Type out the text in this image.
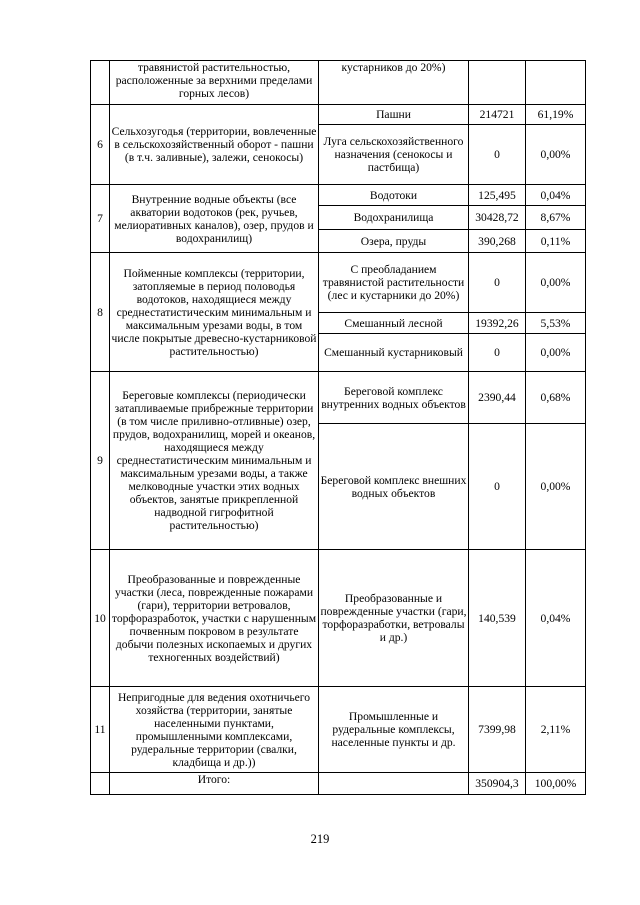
	травянистой растительностью, расположенные за верхними пределами горных лесов)	кустарников до 20%)		
6	Сельхозугодья (территории, вовлеченные в сельскохозяйственный оборот - пашни (в т.ч. заливные), залежи, сенокосы)	Пашни	214721	61,19%
		Луга сельскохозяйственного назначения (сенокосы и пастбища)	0	0,00%
7	Внутренние водные объекты (все акватории водотоков (рек, ручьев, мелиоративных каналов), озер, прудов и водохранилищ)	Водотоки	125,495	0,04%
		Водохранилища	30428,72	8,67%
		Озера, пруды	390,268	0,11%
8	Пойменные комплексы (территории, затопляемые в период половодья водотоков, находящиеся между среднестатистическим минимальным и максимальным урезами воды, в том числе покрытые древесно-кустарниковой растительностью)	С преобладанием травянистой растительности (лес и кустарники до 20%)	0	0,00%
		Смешанный лесной	19392,26	5,53%
		Смешанный кустарниковый	0	0,00%
9	Береговые комплексы (периодически затапливаемые прибрежные территории (в том числе приливно-отливные) озер, прудов, водохранилищ, морей и океанов, находящиеся между среднестатистическим минимальным и максимальным урезами воды, а также мелководные участки этих водных объектов, занятые прикрепленной надводной гигрофитной растительностью)	Береговой комплекс внутренних водных объектов	2390,44	0,68%
		Береговой комплекс внешних водных объектов	0	0,00%
10	Преобразованные и поврежденные участки (леса, поврежденные пожарами (гари), территории ветровалов, торфоразработок, участки с нарушенным почвенным покровом в результате добычи полезных ископаемых и других техногенных воздействий)	Преобразованные и поврежденные участки (гари, торфоразработки, ветровалы и др.)	140,539	0,04%
11	Непригодные для ведения охотничьего хозяйства (территории, занятые населенными пунктами, промышленными комплексами, рудеральные территории (свалки, кладбища и др.))	Промышленные и рудеральные комплексы, населенные пункты и др.	7399,98	2,11%
	Итого:		350904,3	100,00%
219
